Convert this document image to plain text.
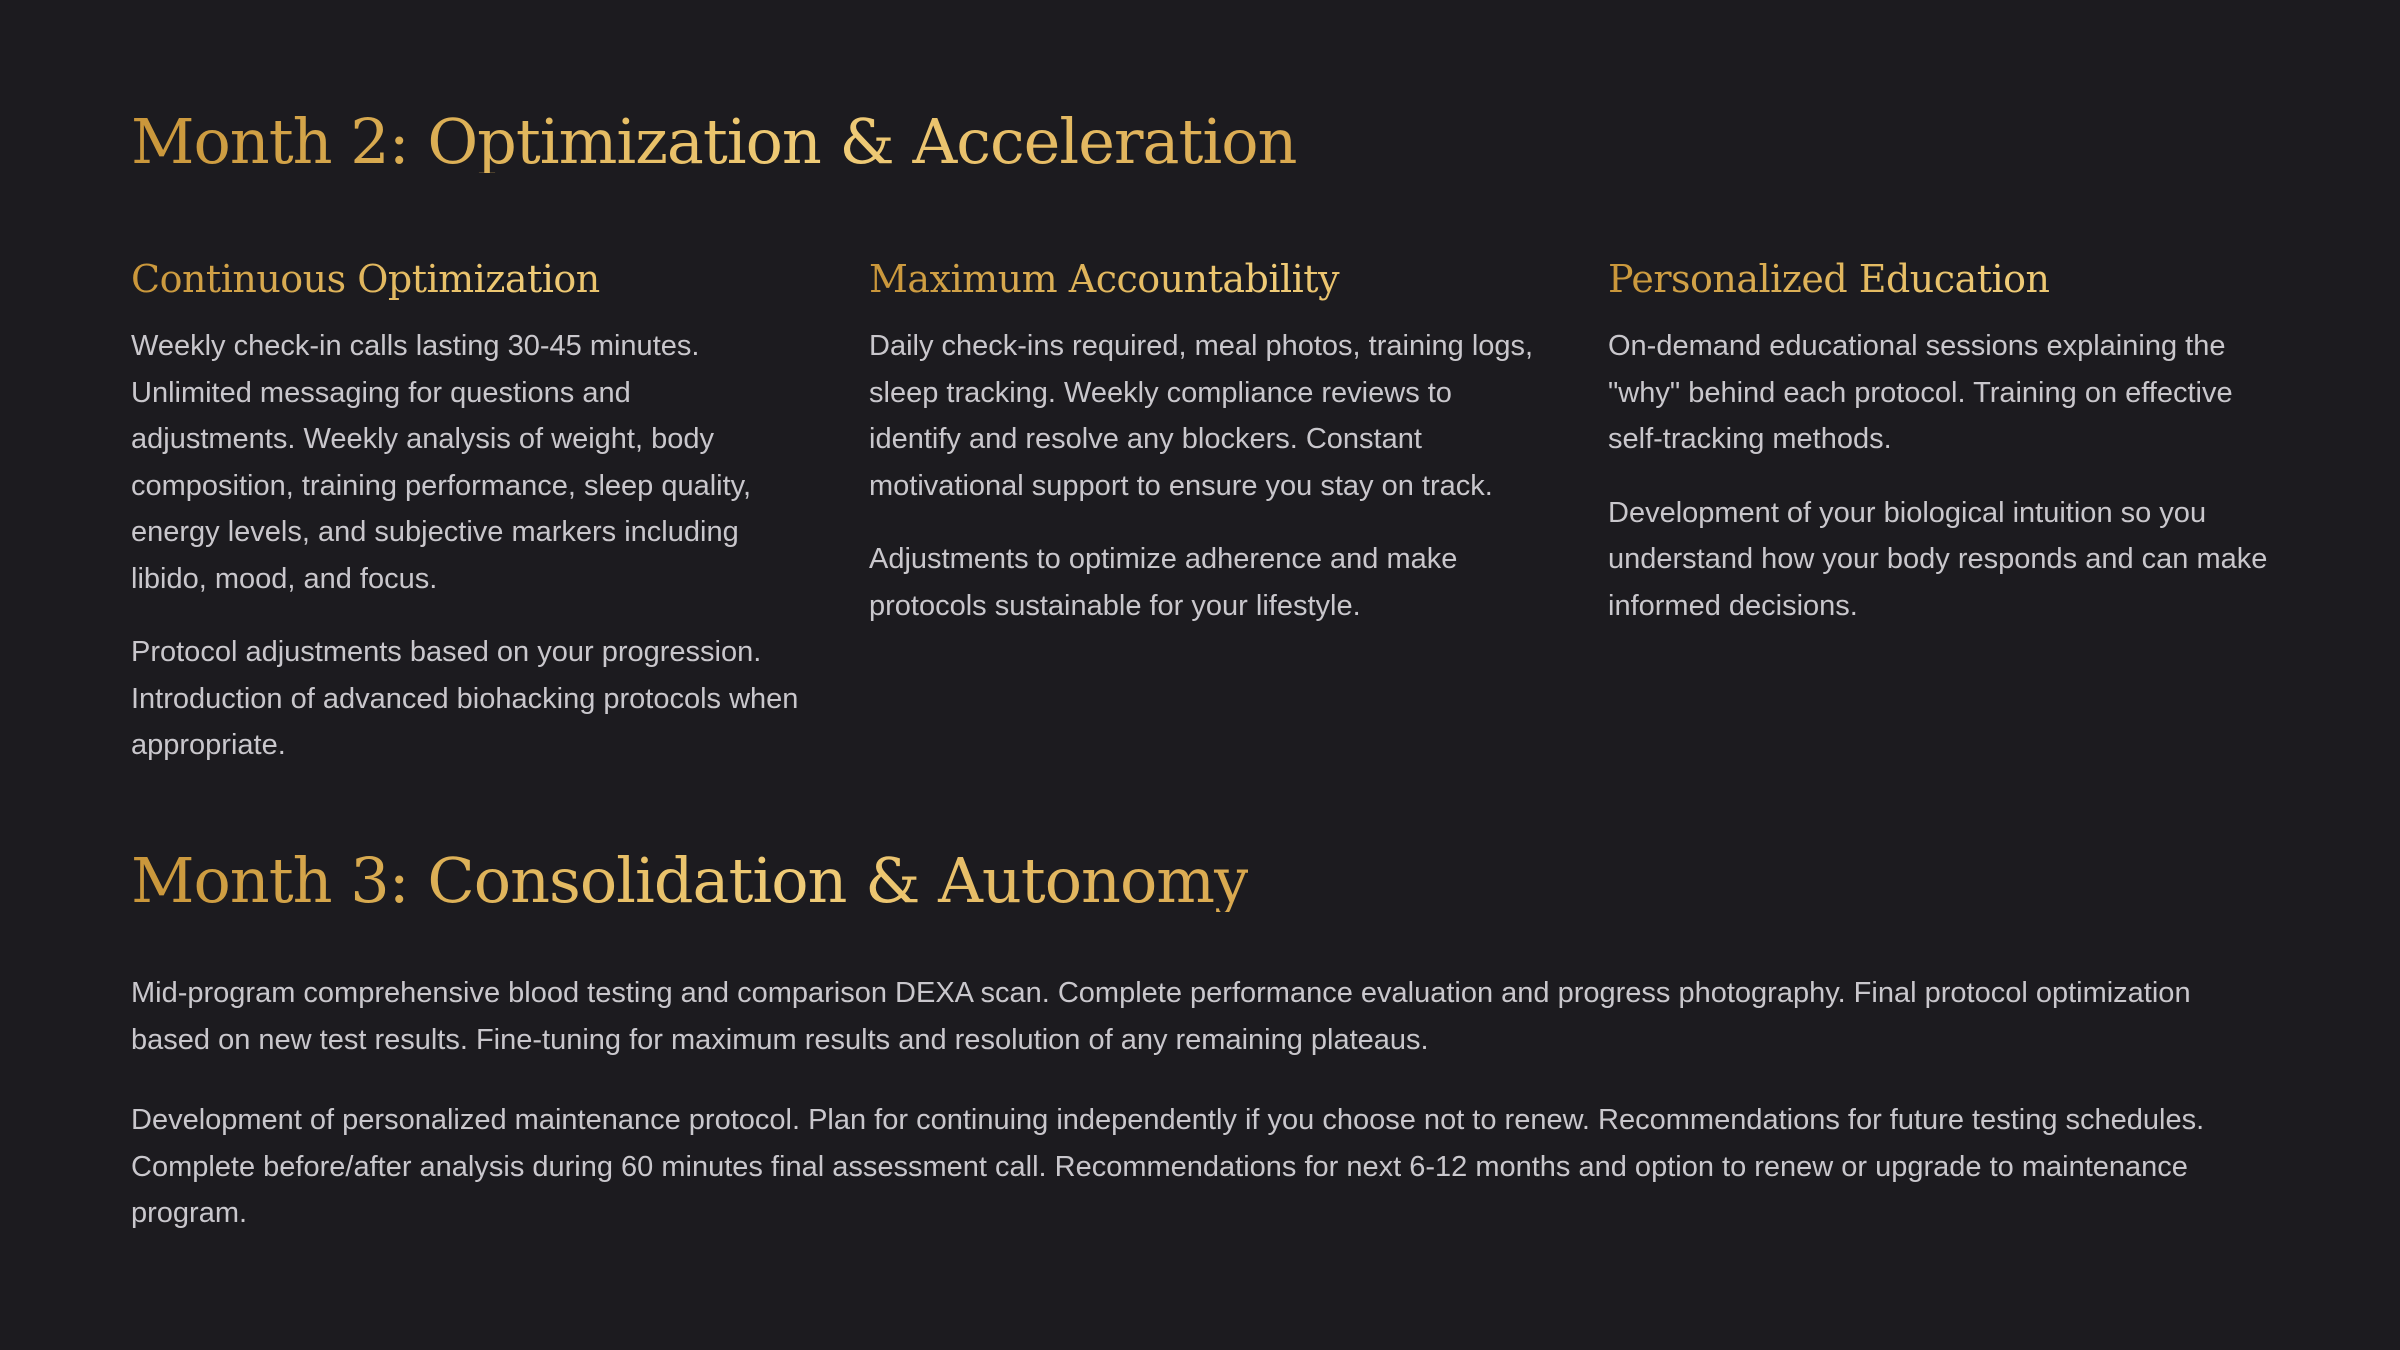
Month 2: Optimization & Acceleration
Continuous Optimization

Weekly check-in calls lasting 30-45 minutes. Unlimited messaging for questions and adjustments. Weekly analysis of weight, body composition, training performance, sleep quality, energy levels, and subjective markers including libido, mood, and focus.

Protocol adjustments based on your progression. Introduction of advanced biohacking protocols when appropriate.

Maximum Accountability

Daily check-ins required, meal photos, training logs, sleep tracking. Weekly compliance reviews to identify and resolve any blockers. Constant motivational support to ensure you stay on track.

Adjustments to optimize adherence and make protocols sustainable for your lifestyle.

Personalized Education

On-demand educational sessions explaining the "why" behind each protocol. Training on effective self-tracking methods.

Development of your biological intuition so you understand how your body responds and can make informed decisions.

Month 3: Consolidation & Autonomy

Mid-program comprehensive blood testing and comparison DEXA scan. Complete performance evaluation and progress photography. Final protocol optimization based on new test results. Fine-tuning for maximum results and resolution of any remaining plateaus.

Development of personalized maintenance protocol. Plan for continuing independently if you choose not to renew. Recommendations for future testing schedules. Complete before/after analysis during 60 minutes final assessment call. Recommendations for next 6-12 months and option to renew or upgrade to maintenance program.
